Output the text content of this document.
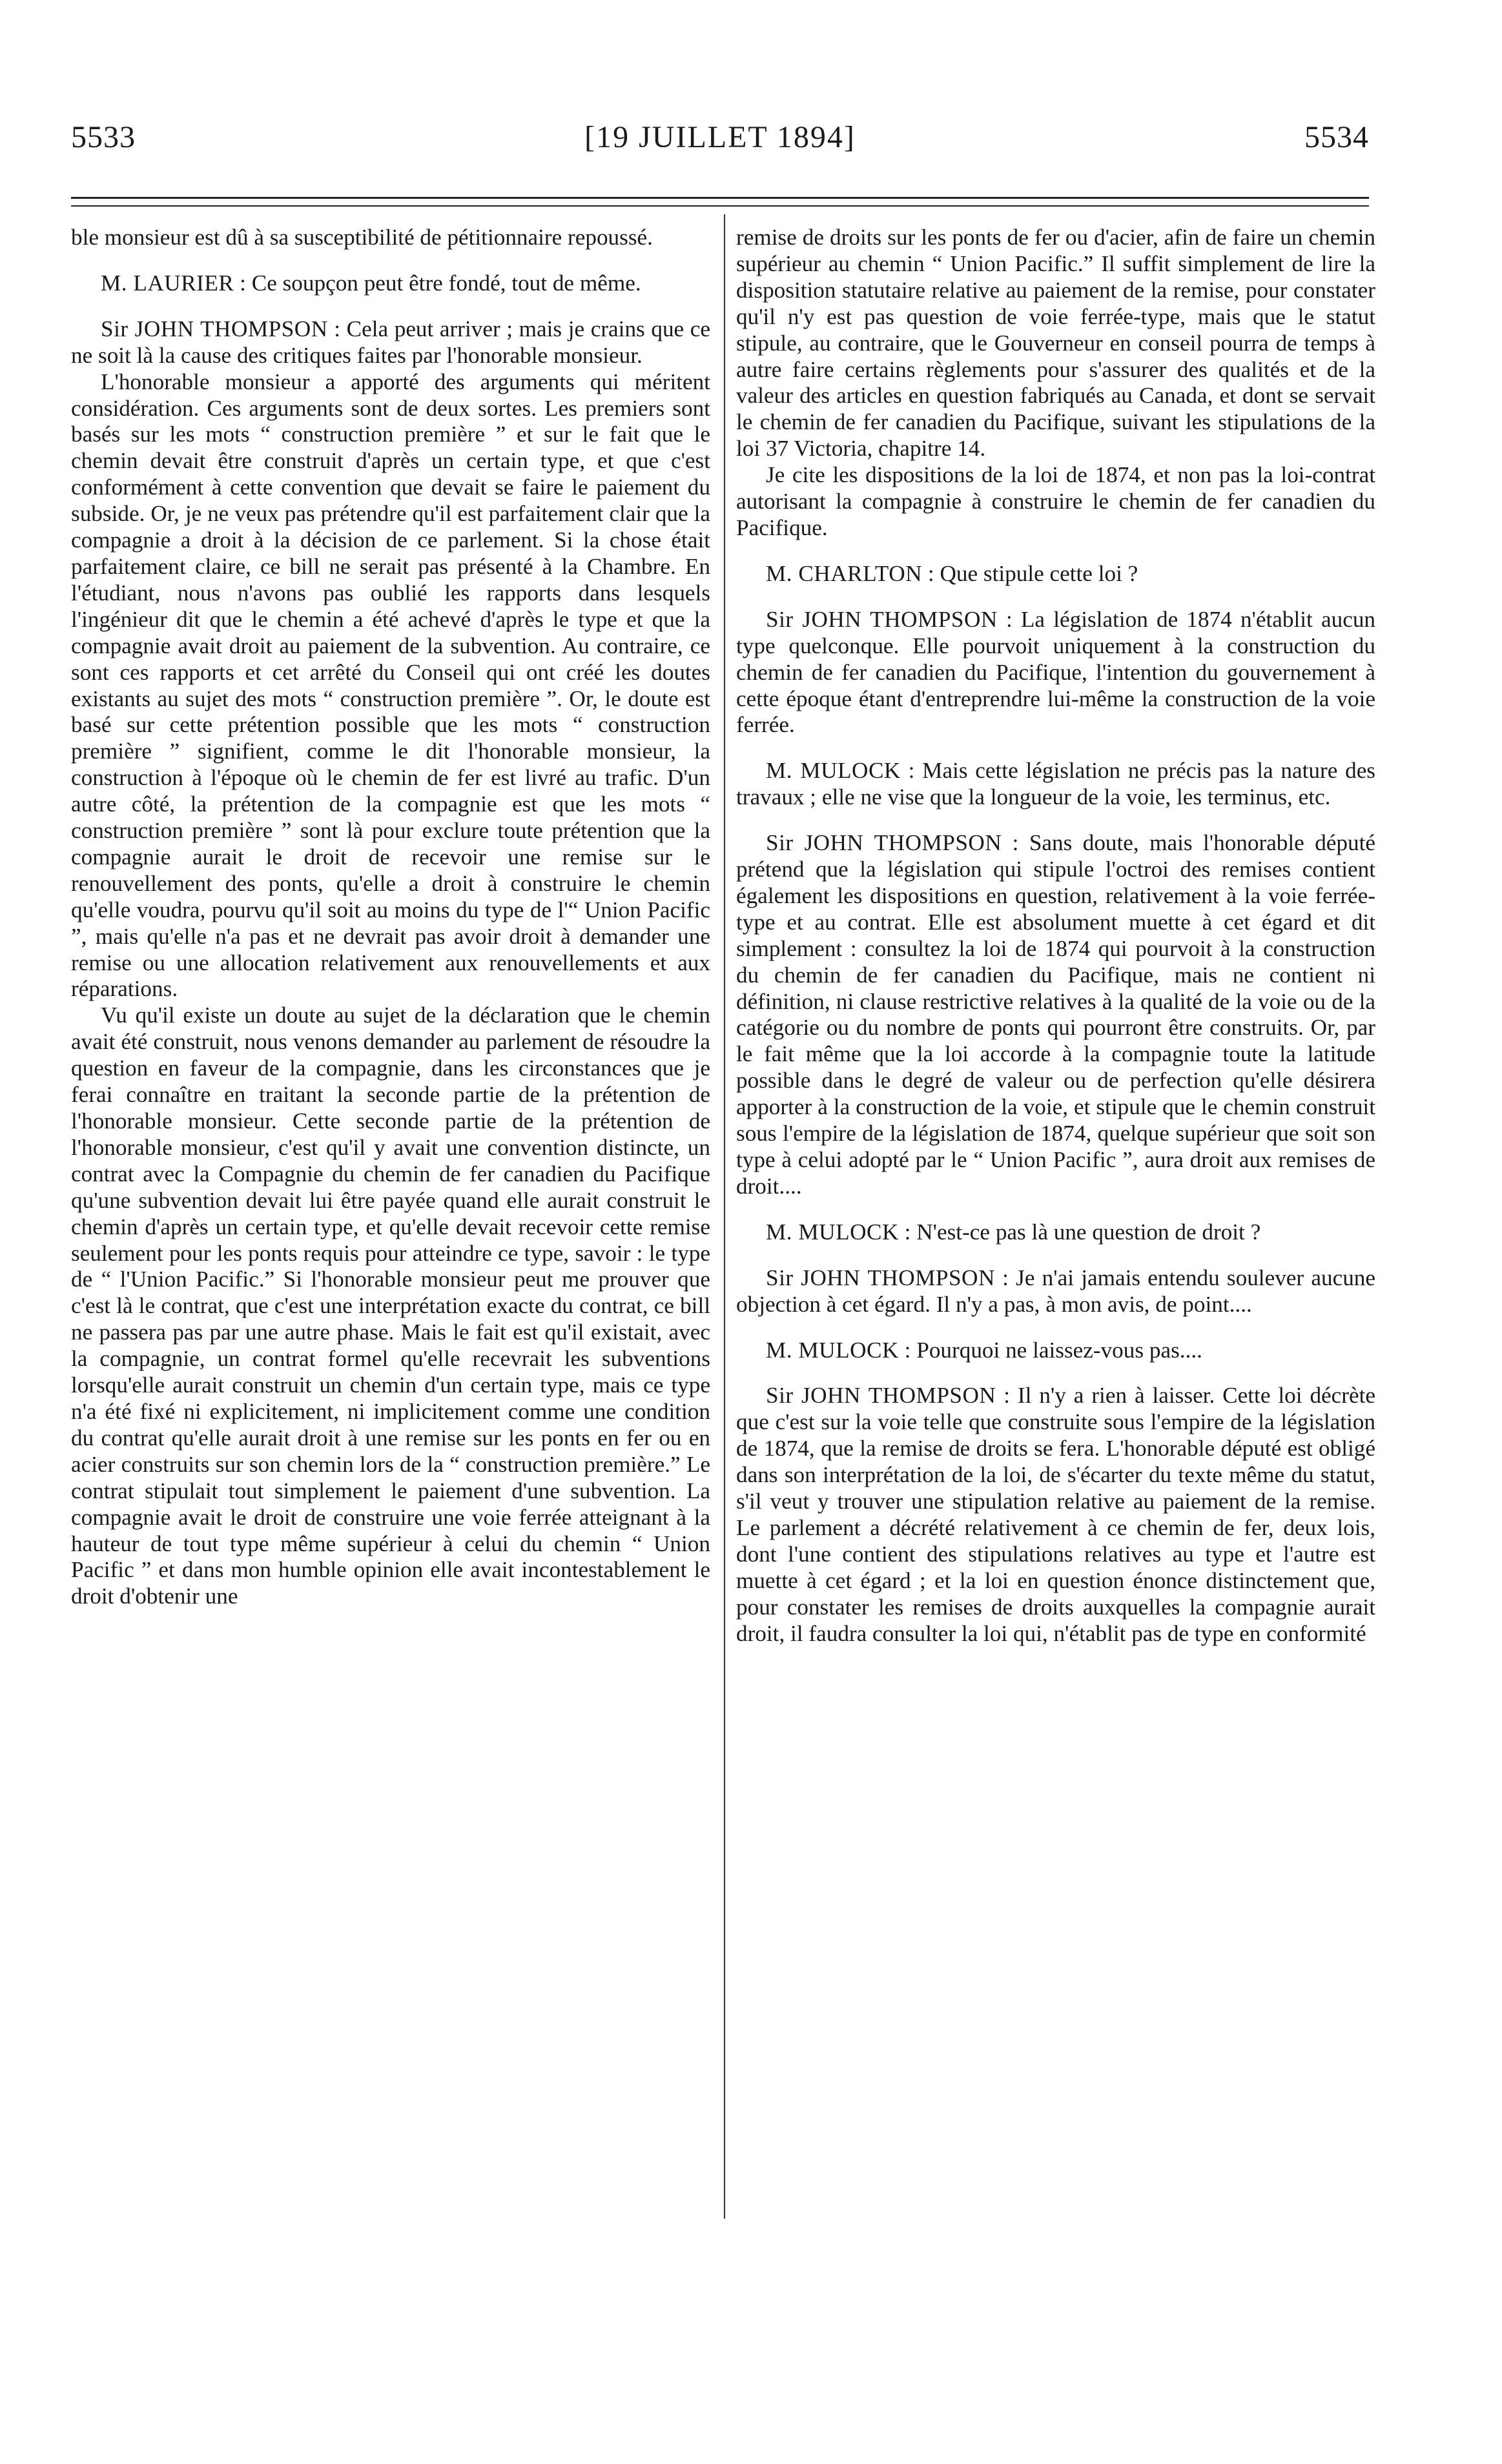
5533	[19 JUILLET 1894]	5534

ble monsieur est dû à sa susceptibilité de pétitionnaire repoussé.

M. LAURIER : Ce soupçon peut être fondé, tout de même.

Sir JOHN THOMPSON : Cela peut arriver ; mais je crains que ce ne soit là la cause des critiques faites par l'honorable monsieur.

L'honorable monsieur a apporté des arguments qui méritent considération. Ces arguments sont de deux sortes. Les premiers sont basés sur les mots “ construction première ” et sur le fait que le chemin devait être construit d'après un certain type, et que c'est conformément à cette convention que devait se faire le paiement du subside. Or, je ne veux pas prétendre qu'il est parfaitement clair que la compagnie a droit à la décision de ce parlement. Si la chose était parfaitement claire, ce bill ne serait pas présenté à la Chambre. En l'étudiant, nous n'avons pas oublié les rapports dans lesquels l'ingénieur dit que le chemin a été achevé d'après le type et que la compagnie avait droit au paiement de la subvention. Au contraire, ce sont ces rapports et cet arrêté du Conseil qui ont créé les doutes existants au sujet des mots “ construction première ”. Or, le doute est basé sur cette prétention possible que les mots “ construction première ” signifient, comme le dit l'honorable monsieur, la construction à l'époque où le chemin de fer est livré au trafic. D'un autre côté, la prétention de la compagnie est que les mots “ construction première ” sont là pour exclure toute prétention que la compagnie aurait le droit de recevoir une remise sur le renouvellement des ponts, qu'elle a droit à construire le chemin qu'elle voudra, pourvu qu'il soit au moins du type de l'“ Union Pacific ”, mais qu'elle n'a pas et ne devrait pas avoir droit à demander une remise ou une allocation relativement aux renouvellements et aux réparations.

Vu qu'il existe un doute au sujet de la déclaration que le chemin avait été construit, nous venons demander au parlement de résoudre la question en faveur de la compagnie, dans les circonstances que je ferai connaître en traitant la seconde partie de la prétention de l'honorable monsieur. Cette seconde partie de la prétention de l'honorable monsieur, c'est qu'il y avait une convention distincte, un contrat avec la Compagnie du chemin de fer canadien du Pacifique qu'une subvention devait lui être payée quand elle aurait construit le chemin d'après un certain type, et qu'elle devait recevoir cette remise seulement pour les ponts requis pour atteindre ce type, savoir : le type de “ l'Union Pacific.” Si l'honorable monsieur peut me prouver que c'est là le contrat, que c'est une interprétation exacte du contrat, ce bill ne passera pas par une autre phase. Mais le fait est qu'il existait, avec la compagnie, un contrat formel qu'elle recevrait les subventions lorsqu'elle aurait construit un chemin d'un certain type, mais ce type n'a été fixé ni explicitement, ni implicitement comme une condition du contrat qu'elle aurait droit à une remise sur les ponts en fer ou en acier construits sur son chemin lors de la “ construction première.” Le contrat stipulait tout simplement le paiement d'une subvention. La compagnie avait le droit de construire une voie ferrée atteignant à la hauteur de tout type même supérieur à celui du chemin “ Union Pacific ” et dans mon humble opinion elle avait incontestablement le droit d'obtenir une

remise de droits sur les ponts de fer ou d'acier, afin de faire un chemin supérieur au chemin “ Union Pacific.” Il suffit simplement de lire la disposition statutaire relative au paiement de la remise, pour constater qu'il n'y est pas question de voie ferrée-type, mais que le statut stipule, au contraire, que le Gouverneur en conseil pourra de temps à autre faire certains règlements pour s'assurer des qualités et de la valeur des articles en question fabriqués au Canada, et dont se servait le chemin de fer canadien du Pacifique, suivant les stipulations de la loi 37 Victoria, chapitre 14.

Je cite les dispositions de la loi de 1874, et non pas la loi-contrat autorisant la compagnie à construire le chemin de fer canadien du Pacifique.

M. CHARLTON : Que stipule cette loi ?

Sir JOHN THOMPSON : La législation de 1874 n'établit aucun type quelconque. Elle pourvoit uniquement à la construction du chemin de fer canadien du Pacifique, l'intention du gouvernement à cette époque étant d'entreprendre lui-même la construction de la voie ferrée.

M. MULOCK : Mais cette législation ne précis pas la nature des travaux ; elle ne vise que la longueur de la voie, les terminus, etc.

Sir JOHN THOMPSON : Sans doute, mais l'honorable député prétend que la législation qui stipule l'octroi des remises contient également les dispositions en question, relativement à la voie ferrée-type et au contrat. Elle est absolument muette à cet égard et dit simplement : consultez la loi de 1874 qui pourvoit à la construction du chemin de fer canadien du Pacifique, mais ne contient ni définition, ni clause restrictive relatives à la qualité de la voie ou de la catégorie ou du nombre de ponts qui pourront être construits. Or, par le fait même que la loi accorde à la compagnie toute la latitude possible dans le degré de valeur ou de perfection qu'elle désirera apporter à la construction de la voie, et stipule que le chemin construit sous l'empire de la législation de 1874, quelque supérieur que soit son type à celui adopté par le “ Union Pacific ”, aura droit aux remises de droit....

M. MULOCK : N'est-ce pas là une question de droit ?

Sir JOHN THOMPSON : Je n'ai jamais entendu soulever aucune objection à cet égard. Il n'y a pas, à mon avis, de point....

M. MULOCK : Pourquoi ne laissez-vous pas....

Sir JOHN THOMPSON : Il n'y a rien à laisser. Cette loi décrète que c'est sur la voie telle que construite sous l'empire de la législation de 1874, que la remise de droits se fera. L'honorable député est obligé dans son interprétation de la loi, de s'écarter du texte même du statut, s'il veut y trouver une stipulation relative au paiement de la remise. Le parlement a décrété relativement à ce chemin de fer, deux lois, dont l'une contient des stipulations relatives au type et l'autre est muette à cet égard ; et la loi en question énonce distinctement que, pour constater les remises de droits auxquelles la compagnie aurait droit, il faudra consulter la loi qui, n'établit pas de type en conformité
